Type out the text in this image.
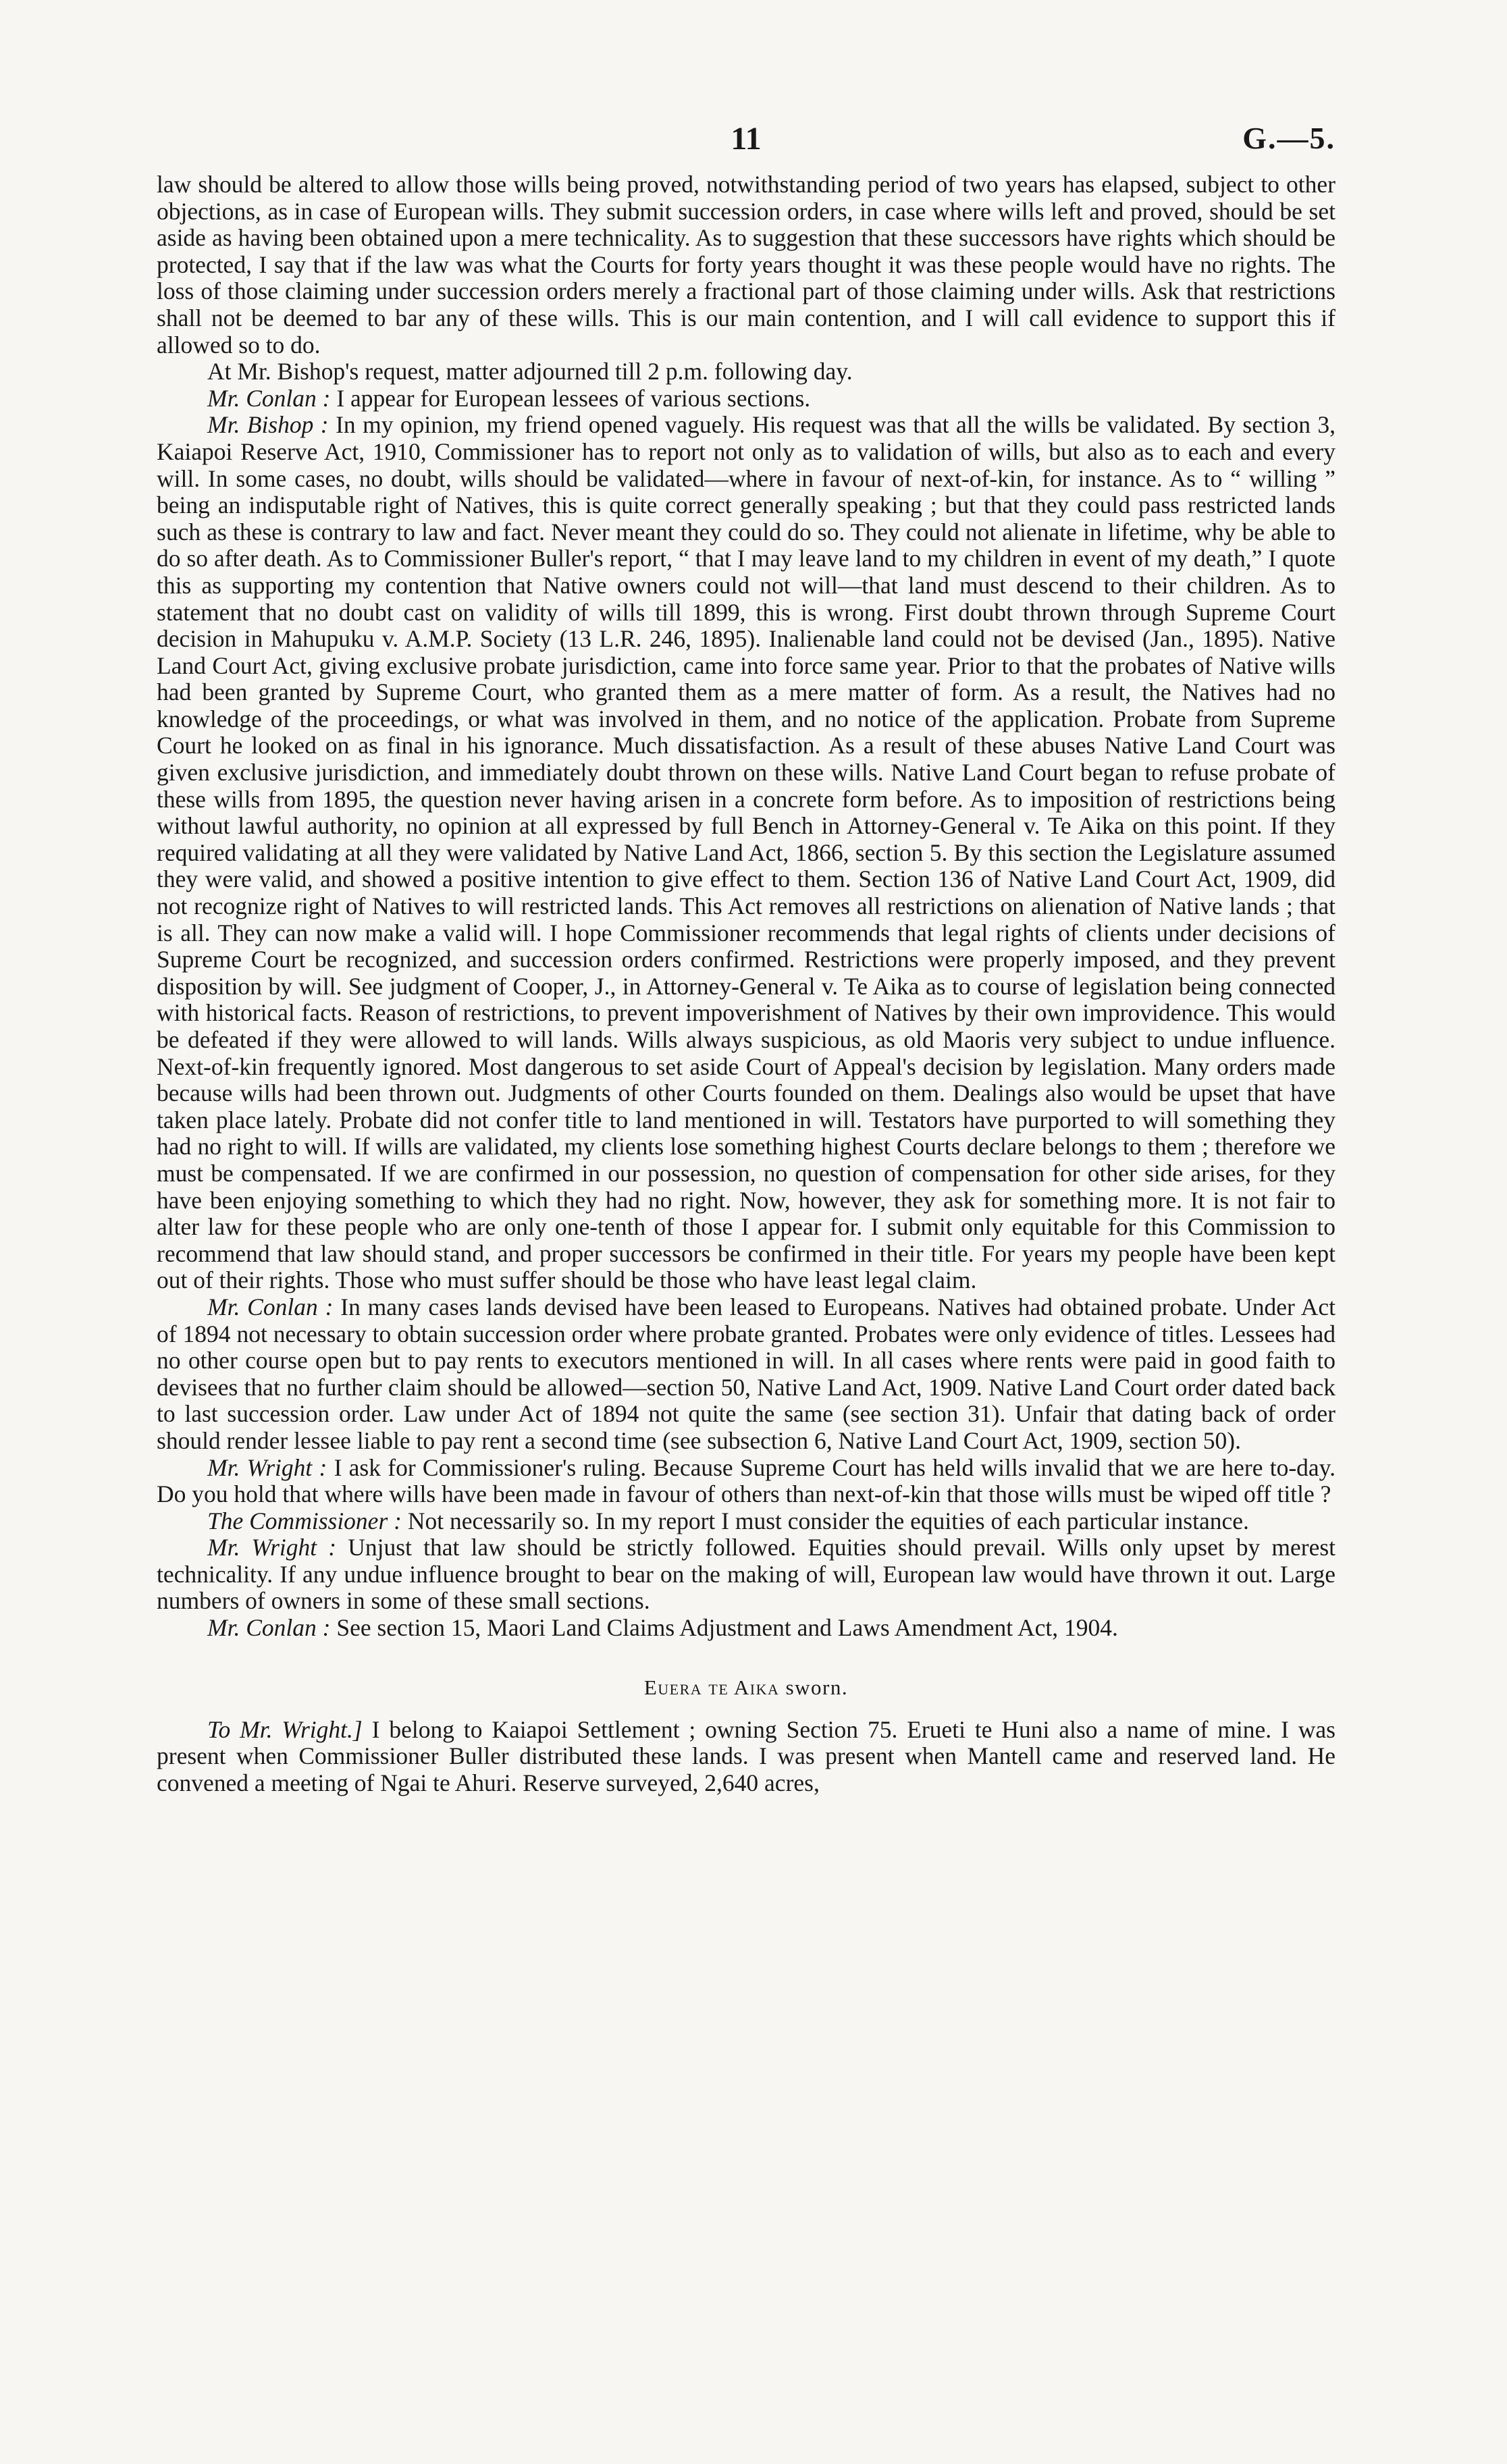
11	G.—5.

law should be altered to allow those wills being proved, notwithstanding period of two years has elapsed, subject to other objections, as in case of European wills. They submit succession orders, in case where wills left and proved, should be set aside as having been obtained upon a mere technicality. As to suggestion that these successors have rights which should be protected, I say that if the law was what the Courts for forty years thought it was these people would have no rights. The loss of those claiming under succession orders merely a fractional part of those claiming under wills. Ask that restrictions shall not be deemed to bar any of these wills. This is our main contention, and I will call evidence to support this if allowed so to do.

At Mr. Bishop's request, matter adjourned till 2 p.m. following day.

Mr. Conlan : I appear for European lessees of various sections.

Mr. Bishop : In my opinion, my friend opened vaguely. His request was that all the wills be validated. By section 3, Kaiapoi Reserve Act, 1910, Commissioner has to report not only as to validation of wills, but also as to each and every will. In some cases, no doubt, wills should be validated—where in favour of next-of-kin, for instance. As to “ willing ” being an indisputable right of Natives, this is quite correct generally speaking ; but that they could pass restricted lands such as these is contrary to law and fact. Never meant they could do so. They could not alienate in lifetime, why be able to do so after death. As to Commissioner Buller's report, “ that I may leave land to my children in event of my death,” I quote this as supporting my contention that Native owners could not will—that land must descend to their children. As to statement that no doubt cast on validity of wills till 1899, this is wrong. First doubt thrown through Supreme Court decision in Mahupuku v. A.M.P. Society (13 L.R. 246, 1895). Inalienable land could not be devised (Jan., 1895). Native Land Court Act, giving exclusive probate jurisdiction, came into force same year. Prior to that the probates of Native wills had been granted by Supreme Court, who granted them as a mere matter of form. As a result, the Natives had no knowledge of the proceedings, or what was involved in them, and no notice of the application. Probate from Supreme Court he looked on as final in his ignorance. Much dissatisfaction. As a result of these abuses Native Land Court was given exclusive jurisdiction, and immediately doubt thrown on these wills. Native Land Court began to refuse probate of these wills from 1895, the question never having arisen in a concrete form before. As to imposition of restrictions being without lawful authority, no opinion at all expressed by full Bench in Attorney-General v. Te Aika on this point. If they required validating at all they were validated by Native Land Act, 1866, section 5. By this section the Legislature assumed they were valid, and showed a positive intention to give effect to them. Section 136 of Native Land Court Act, 1909, did not recognize right of Natives to will restricted lands. This Act removes all restrictions on alienation of Native lands ; that is all. They can now make a valid will. I hope Commissioner recommends that legal rights of clients under decisions of Supreme Court be recognized, and succession orders confirmed. Restrictions were properly imposed, and they prevent disposition by will. See judgment of Cooper, J., in Attorney-General v. Te Aika as to course of legislation being connected with historical facts. Reason of restrictions, to prevent impoverishment of Natives by their own improvidence. This would be defeated if they were allowed to will lands. Wills always suspicious, as old Maoris very subject to undue influence. Next-of-kin frequently ignored. Most dangerous to set aside Court of Appeal's decision by legislation. Many orders made because wills had been thrown out. Judgments of other Courts founded on them. Dealings also would be upset that have taken place lately. Probate did not confer title to land mentioned in will. Testators have purported to will something they had no right to will. If wills are validated, my clients lose something highest Courts declare belongs to them ; therefore we must be compensated. If we are confirmed in our possession, no question of compensation for other side arises, for they have been enjoying something to which they had no right. Now, however, they ask for something more. It is not fair to alter law for these people who are only one-tenth of those I appear for. I submit only equitable for this Commission to recommend that law should stand, and proper successors be confirmed in their title. For years my people have been kept out of their rights. Those who must suffer should be those who have least legal claim.

Mr. Conlan : In many cases lands devised have been leased to Europeans. Natives had obtained probate. Under Act of 1894 not necessary to obtain succession order where probate granted. Probates were only evidence of titles. Lessees had no other course open but to pay rents to executors mentioned in will. In all cases where rents were paid in good faith to devisees that no further claim should be allowed—section 50, Native Land Act, 1909. Native Land Court order dated back to last succession order. Law under Act of 1894 not quite the same (see section 31). Unfair that dating back of order should render lessee liable to pay rent a second time (see subsection 6, Native Land Court Act, 1909, section 50).

Mr. Wright : I ask for Commissioner's ruling. Because Supreme Court has held wills invalid that we are here to-day. Do you hold that where wills have been made in favour of others than next-of-kin that those wills must be wiped off title ?

The Commissioner : Not necessarily so. In my report I must consider the equities of each particular instance.

Mr. Wright : Unjust that law should be strictly followed. Equities should prevail. Wills only upset by merest technicality. If any undue influence brought to bear on the making of will, European law would have thrown it out. Large numbers of owners in some of these small sections.

Mr. Conlan : See section 15, Maori Land Claims Adjustment and Laws Amendment Act, 1904.

Euera te Aika sworn.

To Mr. Wright.] I belong to Kaiapoi Settlement ; owning Section 75. Erueti te Huni also a name of mine. I was present when Commissioner Buller distributed these lands. I was present when Mantell came and reserved land. He convened a meeting of Ngai te Ahuri. Reserve surveyed, 2,640 acres,
